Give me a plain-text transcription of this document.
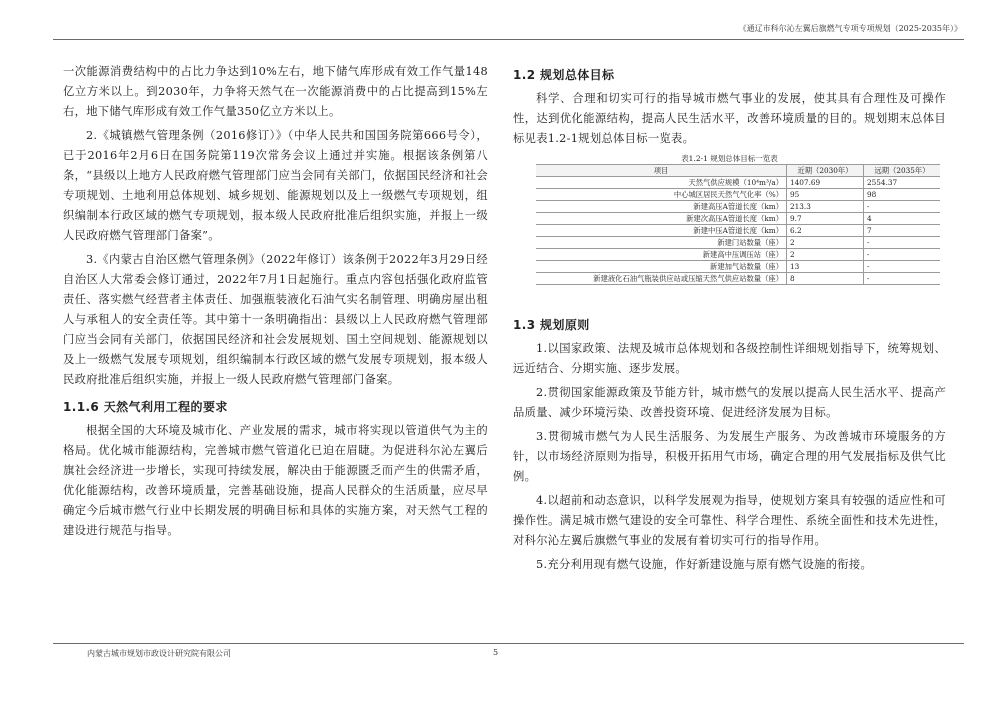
《通辽市科尔沁左翼后旗燃气专项专项规划（2025-2035年）》

一次能源消费结构中的占比力争达到10%左右，地下储气库形成有效工作气量148亿立方米以上。到2030年，力争将天然气在一次能源消费中的占比提高到15%左右，地下储气库形成有效工作气量350亿立方米以上。

2.《城镇燃气管理条例（2016修订）》（中华人民共和国国务院第666号令），已于2016年2月6日在国务院第119次常务会议上通过并实施。根据该条例第八条，“县级以上地方人民政府燃气管理部门应当会同有关部门，依据国民经济和社会专项规划、土地利用总体规划、城乡规划、能源规划以及上一级燃气专项规划，组织编制本行政区域的燃气专项规划，报本级人民政府批准后组织实施，并报上一级人民政府燃气管理部门备案”。

3.《内蒙古自治区燃气管理条例》（2022年修订）该条例于2022年3月29日经自治区人大常委会修订通过，2022年7月1日起施行。重点内容包括强化政府监管责任、落实燃气经营者主体责任、加强瓶装液化石油气实名制管理、明确房屋出租人与承租人的安全责任等。其中第十一条明确指出：县级以上人民政府燃气管理部门应当会同有关部门，依据国民经济和社会发展规划、国土空间规划、能源规划以及上一级燃气发展专项规划，组织编制本行政区域的燃气发展专项规划，报本级人民政府批准后组织实施，并报上一级人民政府燃气管理部门备案。

1.1.6 天然气利用工程的要求

根据全国的大环境及城市化、产业发展的需求，城市将实现以管道供气为主的格局。优化城市能源结构，完善城市燃气管道化已迫在眉睫。为促进科尔沁左翼后旗社会经济进一步增长，实现可持续发展，解决由于能源匮乏而产生的供需矛盾，优化能源结构，改善环境质量，完善基础设施，提高人民群众的生活质量，应尽早确定今后城市燃气行业中长期发展的明确目标和具体的实施方案，对天然气工程的建设进行规范与指导。

1.2 规划总体目标

科学、合理和切实可行的指导城市燃气事业的发展，使其具有合理性及可操作性，达到优化能源结构，提高人民生活水平，改善环境质量的目的。规划期末总体目标见表1.2-1规划总体目标一览表。

表1.2-1 规划总体目标一览表
项目	近期（2030年）	远期（2035年）
天然气供应规模（10⁴m³/a）	1407.69	2554.37
中心城区居民天然气气化率（%）	95	98
新建高压A管道长度（km）	213.3	-
新建次高压A管道长度（km）	9.7	4
新建中压A管道长度（km）	6.2	7
新建门站数量（座）	2	-
新建高中压调压站（座）	2	-
新建加气站数量（座）	13	-
新建液化石油气瓶装供应站或压缩天然气供应站数量（座）	8	-
1.3 规划原则

1.以国家政策、法规及城市总体规划和各级控制性详细规划指导下，统筹规划、远近结合、分期实施、逐步发展。

2.贯彻国家能源政策及节能方针，城市燃气的发展以提高人民生活水平、提高产品质量、减少环境污染、改善投资环境、促进经济发展为目标。

3.贯彻城市燃气为人民生活服务、为发展生产服务、为改善城市环境服务的方针，以市场经济原则为指导，积极开拓用气市场，确定合理的用气发展指标及供气比例。

4.以超前和动态意识，以科学发展观为指导，使规划方案具有较强的适应性和可操作性。满足城市燃气建设的安全可靠性、科学合理性、系统全面性和技术先进性，对科尔沁左翼后旗燃气事业的发展有着切实可行的指导作用。

5.充分利用现有燃气设施，作好新建设施与原有燃气设施的衔接。

内蒙古城市规划市政设计研究院有限公司	5
